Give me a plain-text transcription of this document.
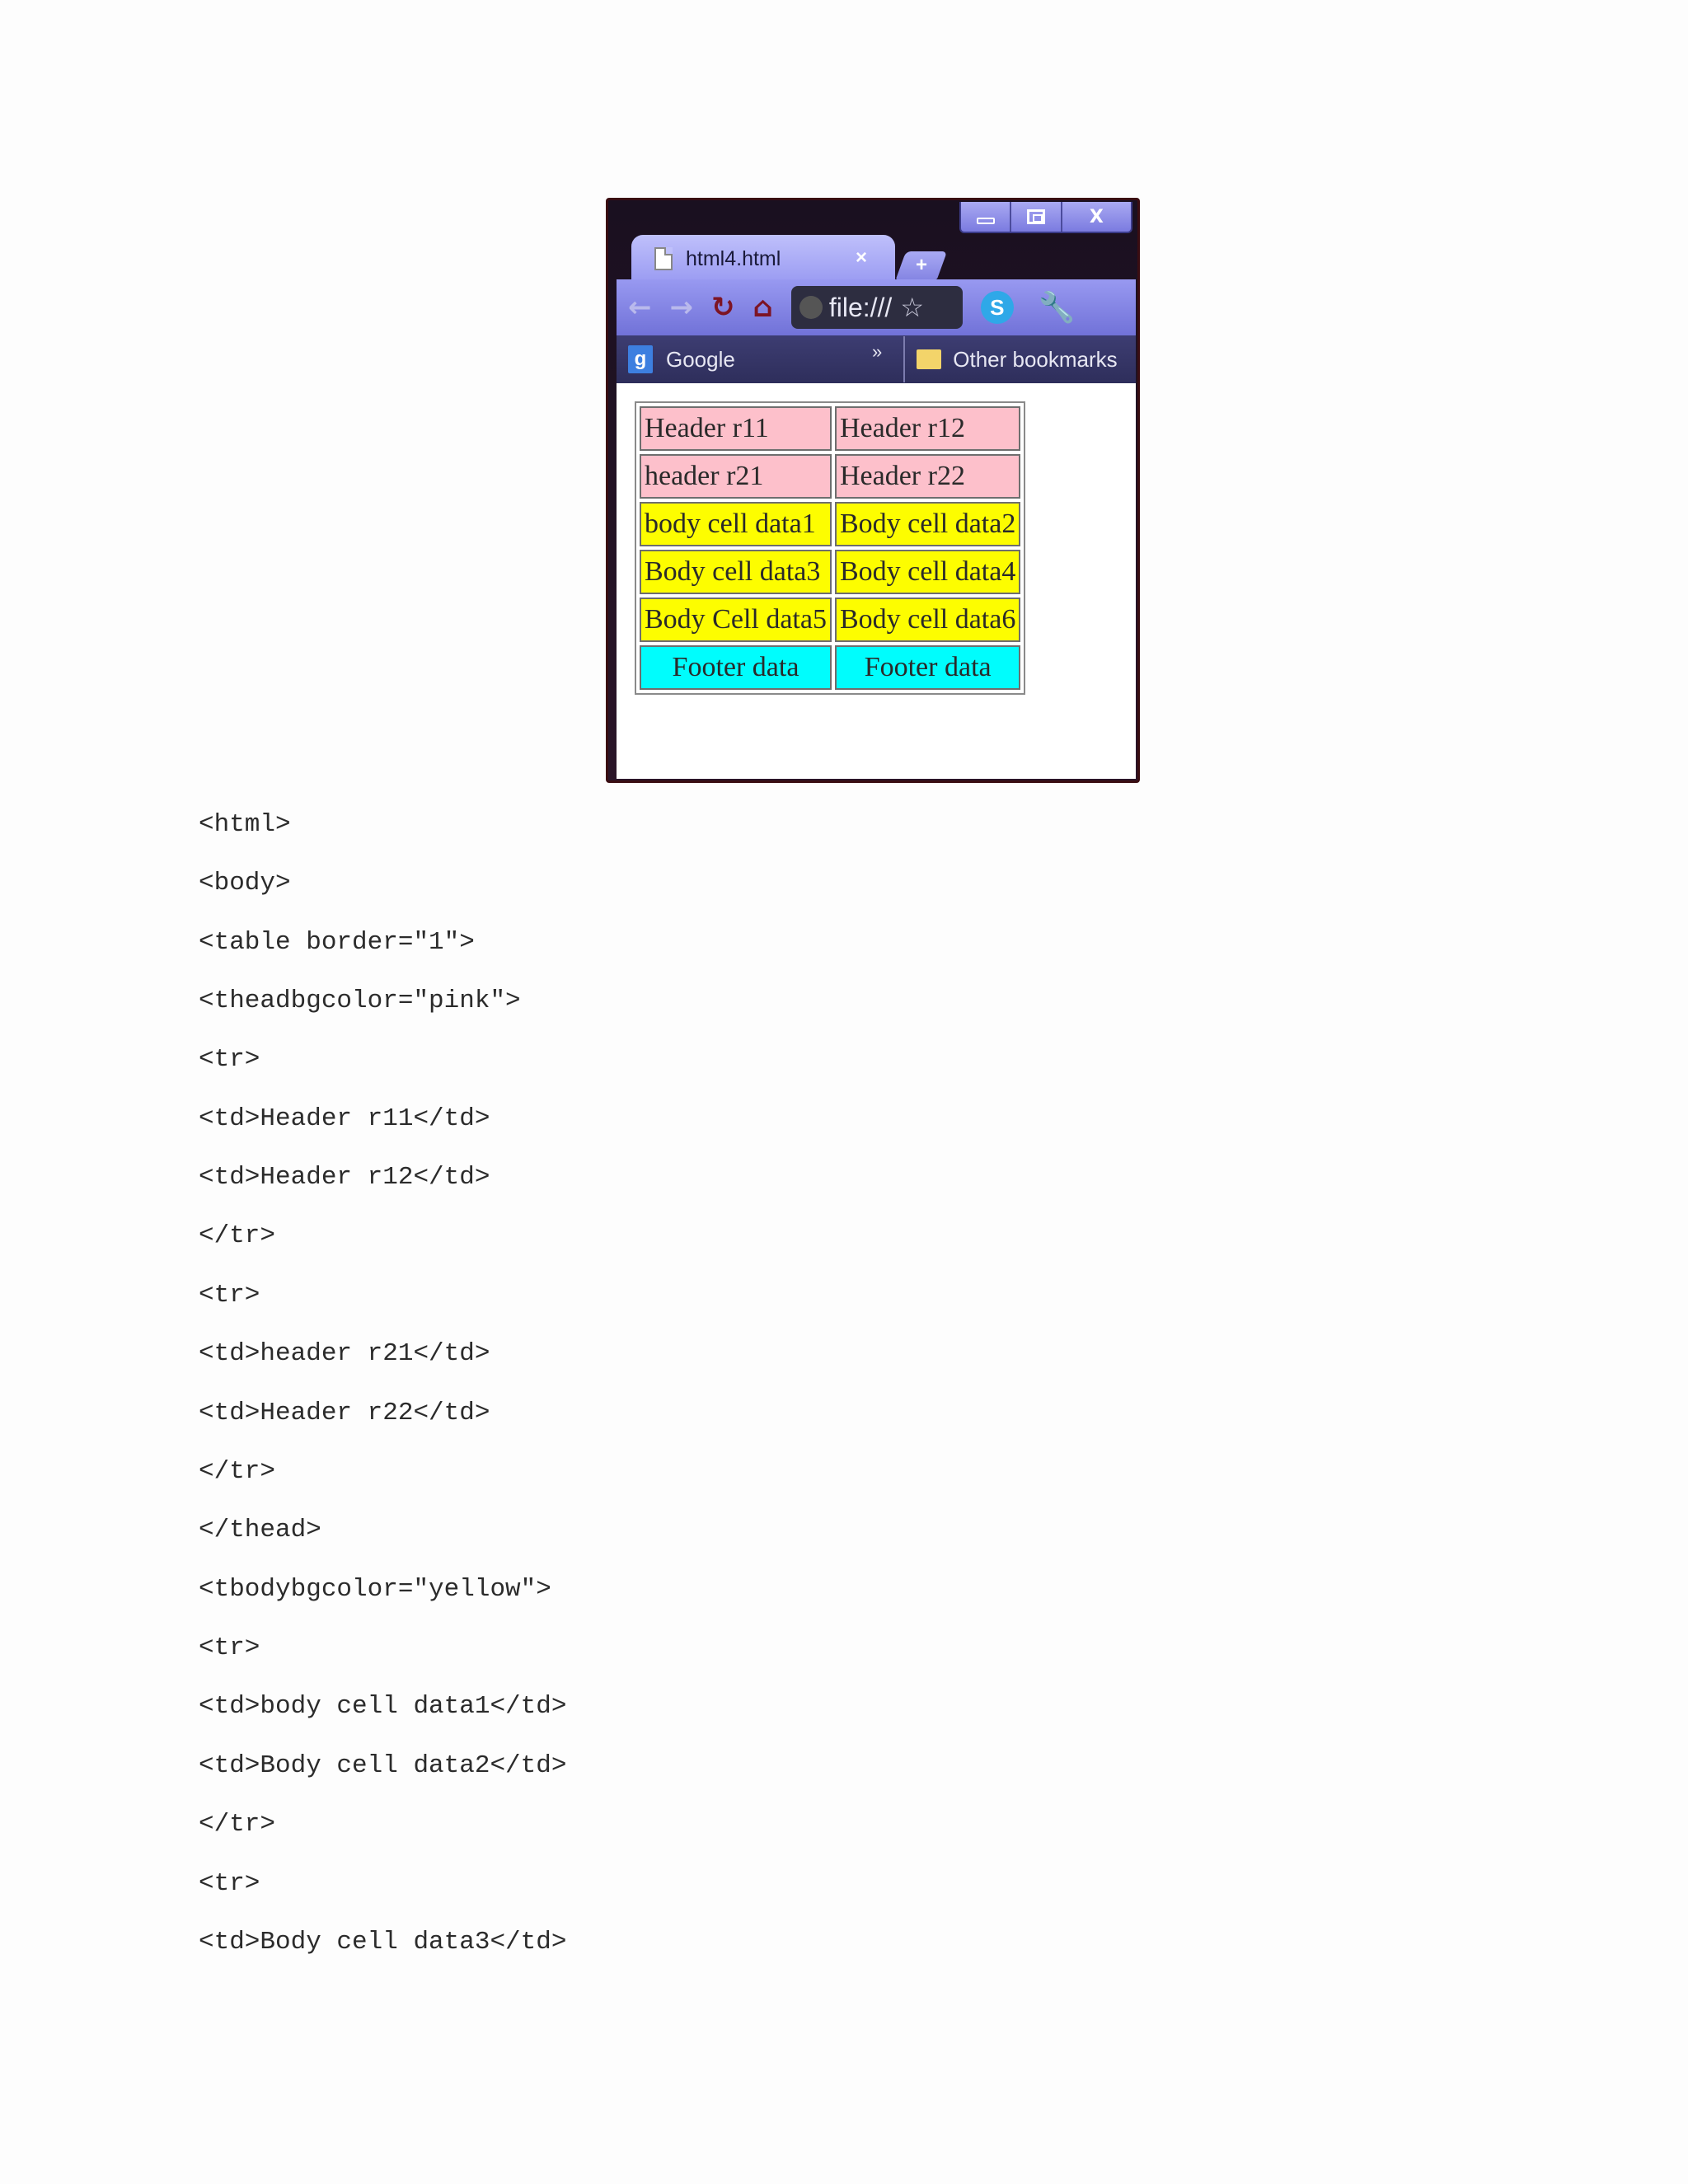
X
html4.html	× +
← → ↻ ⌂ file:/// ☆	S	🔧
g Google	»	Other bookmarks
Header r11	Header r12
header r21	Header r22
body cell data1	Body cell data2
Body cell data3	Body cell data4
Body Cell data5	Body cell data6
Footer data	Footer data
<html>
<body>
<table border="1">
<theadbgcolor="pink">
<tr>
<td>Header r11</td>
<td>Header r12</td>
</tr>
<tr>
<td>header r21</td>
<td>Header r22</td>
</tr>
</thead>
<tbodybgcolor="yellow">
<tr>
<td>body cell data1</td>
<td>Body cell data2</td>
</tr>
<tr>
<td>Body cell data3</td>
